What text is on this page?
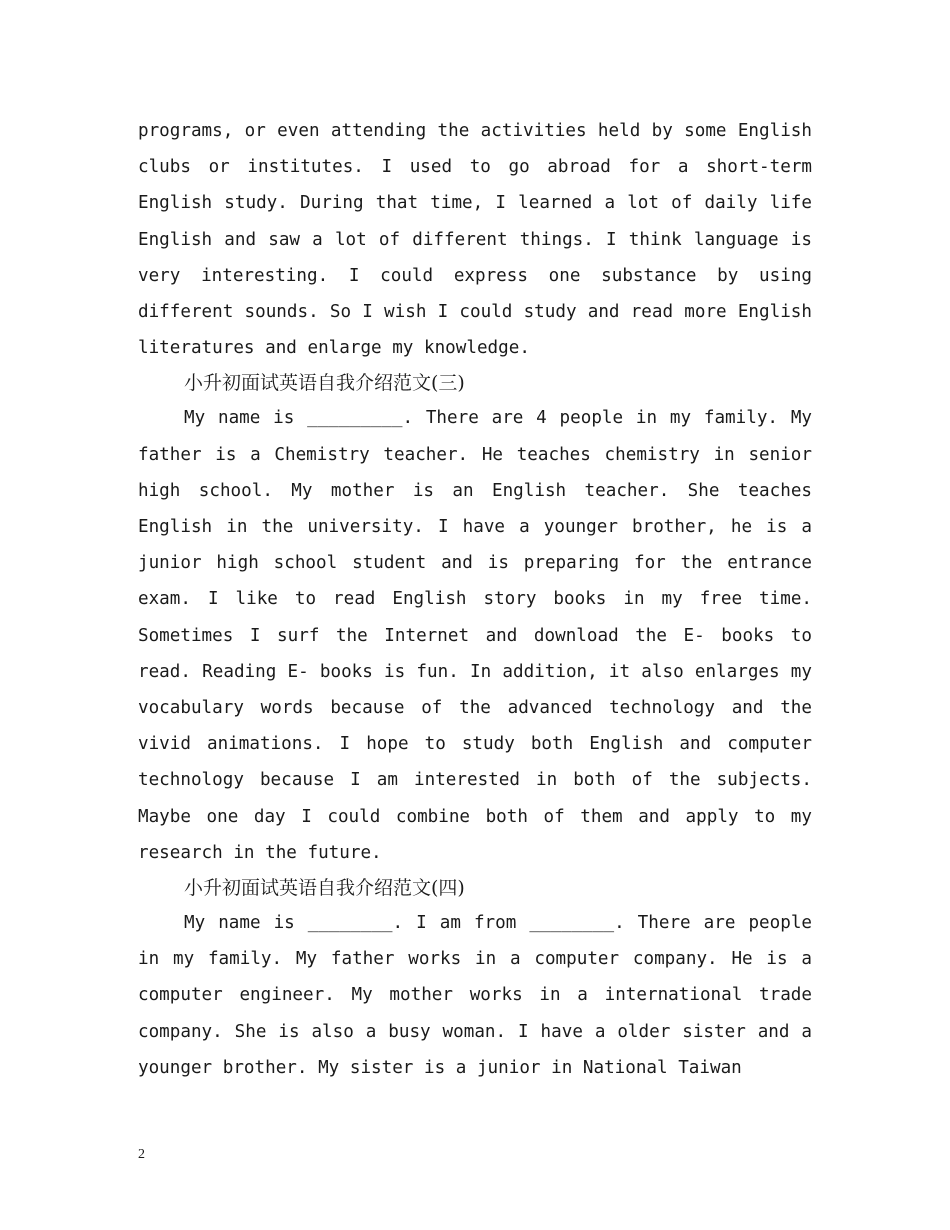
programs, or even attending the activities held by some English clubs or institutes. I used to go abroad for a short-term English study. During that time, I learned a lot of daily life English and saw a lot of different things. I think language is very interesting. I could express one substance by using different sounds. So I wish I could study and read more English literatures and enlarge my knowledge.

小升初面试英语自我介绍范文(三)

My name is _________. There are 4 people in my family. My father is a Chemistry teacher. He teaches chemistry in senior high school. My mother is an English teacher. She teaches English in the university. I have a younger brother, he is a junior high school student and is preparing for the entrance exam. I like to read English story books in my free time. Sometimes I surf the Internet and download the E- books to read. Reading E- books is fun. In addition, it also enlarges my vocabulary words because of the advanced technology and the vivid animations. I hope to study both English and computer technology because I am interested in both of the subjects. Maybe one day I could combine both of them and apply to my research in the future.

小升初面试英语自我介绍范文(四)

My name is ________. I am from ________. There are people in my family. My father works in a computer company. He is a computer engineer. My mother works in a international trade company. She is also a busy woman. I have a older sister and a younger brother. My sister is a junior in National Taiwan

2
